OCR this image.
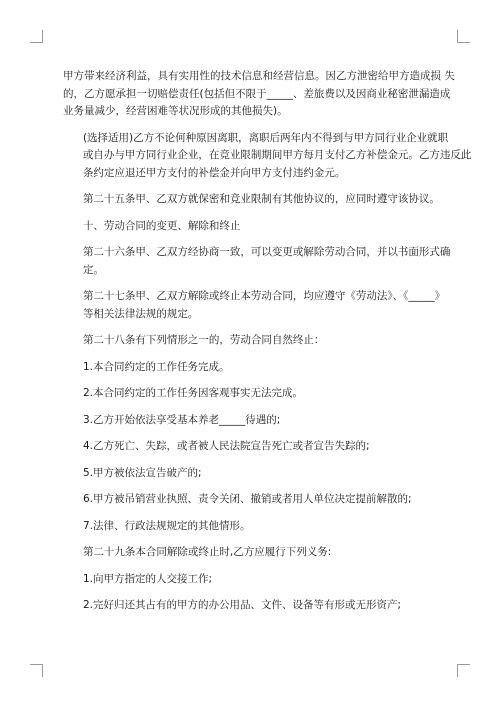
甲方带来经济利益，具有实用性的技术信息和经营信息。因乙方泄密给甲方造成损 失
的，乙方愿承担一切赔偿责任(包括但不限于_____、差旅费以及因商业秘密泄漏造成
业务量减少，经营困难等状况形成的其他损失)。

(选择适用)乙方不论何种原因离职，离职后两年内不得到与甲方同行业企业就职
或自办与甲方同行业企业，在竞业限制期间甲方每月支付乙方补偿金元。乙方违反此
条约定应退还甲方支付的补偿金并向甲方支付违约金元。

第二十五条甲、乙双方就保密和竞业限制有其他协议的，应同时遵守该协议。

十、劳动合同的变更、解除和终止

第二十六条甲、乙双方经协商一致，可以变更或解除劳动合同，并以书面形式确
定。

第二十七条甲、乙双方解除或终止本劳动合同，均应遵守《劳动法》、《_____》
等相关法律法规的规定。

第二十八条有下列情形之一的，劳动合同自然终止：

1.本合同约定的工作任务完成。

2.本合同约定的工作任务因客观事实无法完成。

3.乙方开始依法享受基本养老_____待遇的;

4.乙方死亡、失踪，或者被人民法院宣告死亡或者宣告失踪的;

5.甲方被依法宣告破产的;

6.甲方被吊销营业执照、责令关闭、撤销或者用人单位决定提前解散的;

7.法律、行政法规规定的其他情形。

第二十九条本合同解除或终止时,乙方应履行下列义务:

1.向甲方指定的人交接工作;

2.完好归还其占有的甲方的办公用品、文件、设备等有形或无形资产;
